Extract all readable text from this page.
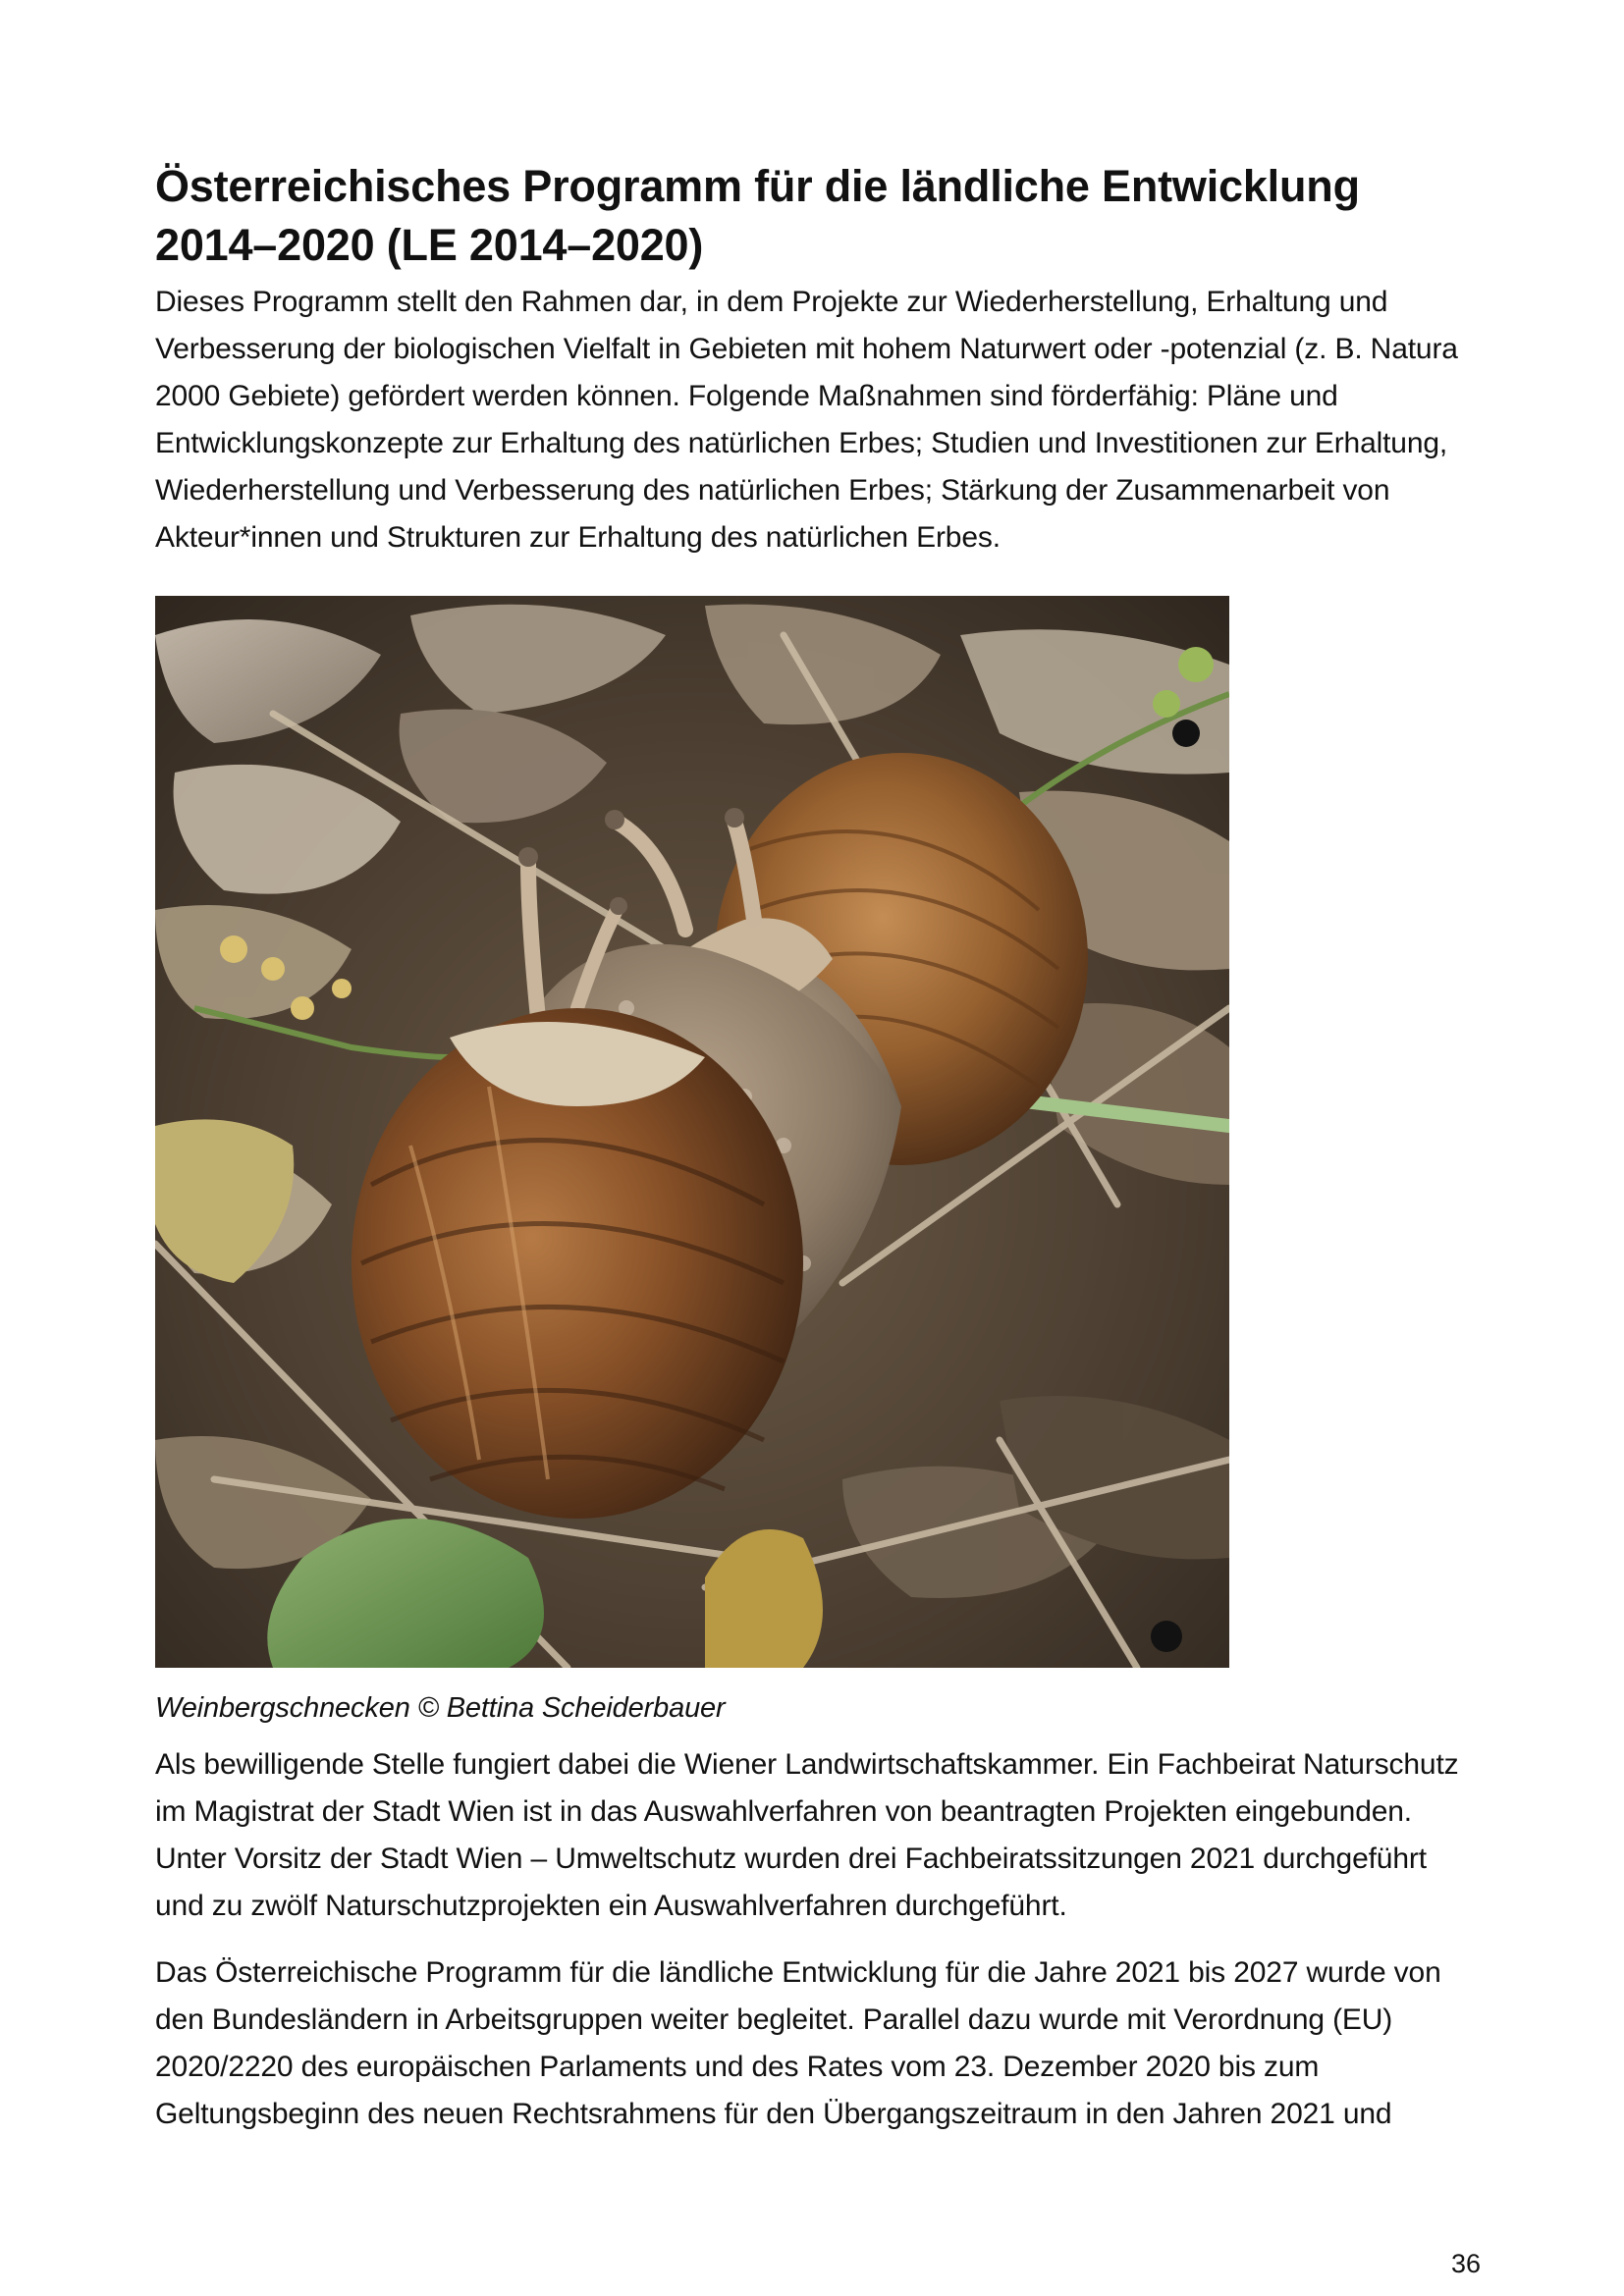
Österreichisches Programm für die ländliche Entwicklung 2014–2020 (LE 2014–2020)

Dieses Programm stellt den Rahmen dar, in dem Projekte zur Wiederherstellung, Erhaltung und Verbesserung der biologischen Vielfalt in Gebieten mit hohem Naturwert oder -potenzial (z. B. Natura 2000 Gebiete) gefördert werden können. Folgende Maßnahmen sind förderfähig: Pläne und Entwicklungskonzepte zur Erhaltung des natürlichen Erbes; Studien und Investitionen zur Erhaltung, Wiederherstellung und Verbesserung des natürlichen Erbes; Stärkung der Zusammenarbeit von Akteur*innen und Strukturen zur Erhaltung des natürlichen Erbes.

Weinbergschnecken © Bettina Scheiderbauer

Als bewilligende Stelle fungiert dabei die Wiener Landwirtschaftskammer. Ein Fachbeirat Naturschutz im Magistrat der Stadt Wien ist in das Auswahlverfahren von beantragten Projekten eingebunden. Unter Vorsitz der Stadt Wien – Umweltschutz wurden drei Fachbeiratssitzungen 2021 durchgeführt und zu zwölf Naturschutzprojekten ein Auswahlverfahren durchgeführt.

Das Österreichische Programm für die ländliche Entwicklung für die Jahre 2021 bis 2027 wurde von den Bundesländern in Arbeitsgruppen weiter begleitet. Parallel dazu wurde mit Verordnung (EU) 2020/2220 des europäischen Parlaments und des Rates vom 23. Dezember 2020 bis zum Geltungsbeginn des neuen Rechtsrahmens für den Übergangszeitraum in den Jahren 2021 und

36
